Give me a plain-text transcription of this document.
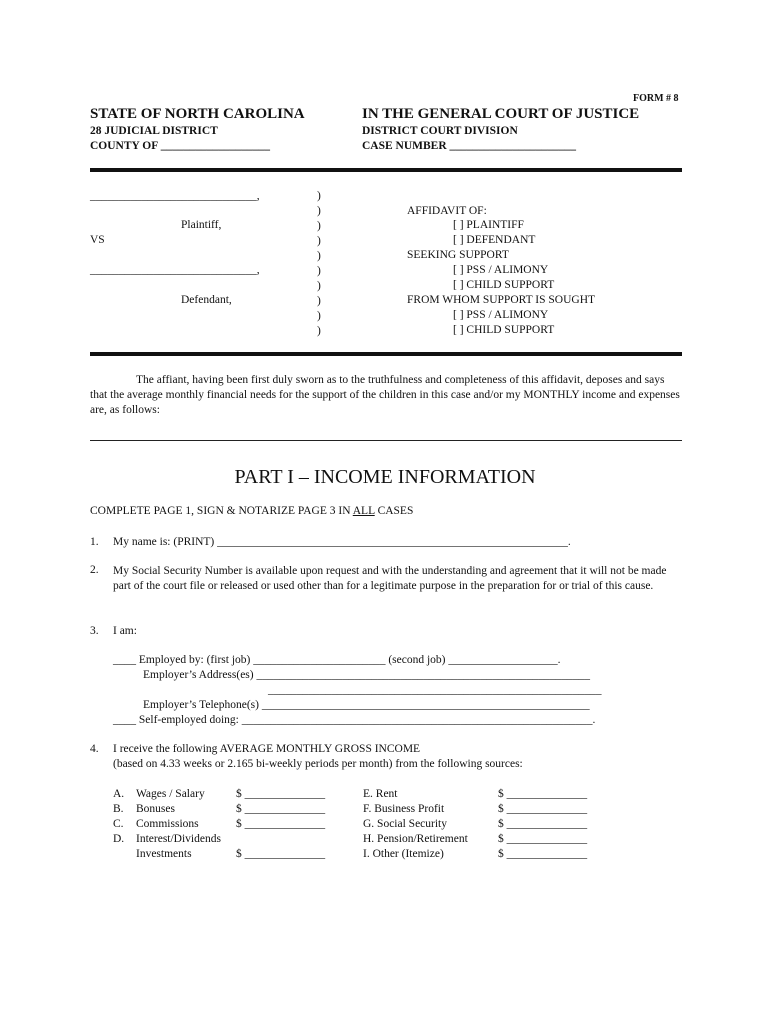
FORM # 8
STATE OF NORTH CAROLINA	IN THE GENERAL COURT OF JUSTICE
28 JUDICIAL DISTRICT	DISTRICT COURT DIVISION
COUNTY OF ___________________	CASE NUMBER ______________________
_____________________________,
Plaintiff,
VS
_____________________________,
Defendant,
)
)
)
)
)
)
)
)
)
)
AFFIDAVIT OF:
[ ] PLAINTIFF
[ ] DEFENDANT
SEEKING SUPPORT
[ ] PSS / ALIMONY
[ ] CHILD SUPPORT
FROM WHOM SUPPORT IS SOUGHT
[ ] PSS / ALIMONY
[ ] CHILD SUPPORT
The affiant, having been first duly sworn as to the truthfulness and completeness of this affidavit, deposes and says that the average monthly financial needs for the support of the children in this case and/or my MONTHLY income and expenses are, as follows:
PART I – INCOME INFORMATION
COMPLETE PAGE 1, SIGN & NOTARIZE PAGE 3 IN ALL CASES
1. My name is: (PRINT) _____________________________________________________________.
2. My Social Security Number is available upon request and with the understanding and agreement that it will not be made part of the court file or released or used other than for a legitimate purpose in the preparation for or trial of this cause.
3. I am:
____ Employed by: (first job) _______________________ (second job) ___________________.
Employer’s Address(es) __________________________________________________________
__________________________________________________________
Employer’s Telephone(s) _________________________________________________________
____ Self-employed doing: _____________________________________________________________.
4. I receive the following AVERAGE MONTHLY GROSS INCOME
(based on 4.33 weeks or 2.165 bi-weekly periods per month) from the following sources:
A. Wages / Salary	$ ______________
B. Bonuses	$ ______________
C. Commissions	$ ______________
D. Interest/Dividends
Investments	$ ______________
E. Rent	$ ______________
F. Business Profit	$ ______________
G. Social Security	$ ______________
H. Pension/Retirement	$ ______________
I. Other (Itemize)	$ ______________
